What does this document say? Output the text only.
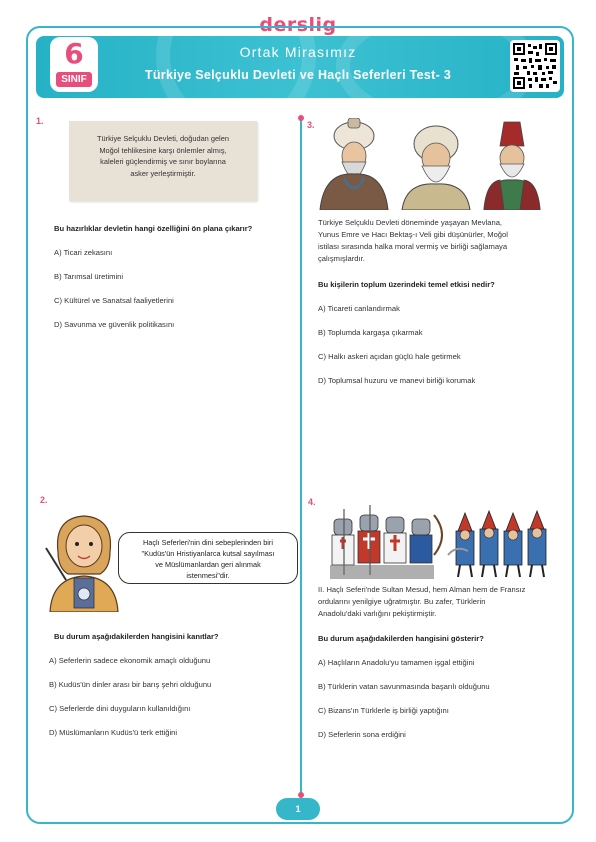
derslig
6
SINIF
Ortak Mirasımız
Türkiye Selçuklu Devleti ve Haçlı Seferleri Test- 3
1.
Türkiye Selçuklu Devleti, doğudan gelen
Moğol tehlikesine karşı önlemler almış,
kaleleri güçlendirmiş ve sınır boylarına
asker yerleştirmiştir.
Bu hazırlıklar devletin hangi özelliğini ön plana çıkarır?
A) Ticari zekasını
B) Tarımsal üretimini
C) Kültürel ve Sanatsal faaliyetlerini
D) Savunma ve güvenlik politikasını
3.
Türkiye Selçuklu Devleti döneminde yaşayan Mevlana,
Yunus Emre ve Hacı Bektaş-ı Veli gibi düşünürler, Moğol
istilası sırasında halka moral vermiş ve birliği sağlamaya
çalışmışlardır.
Bu kişilerin toplum üzerindeki temel etkisi nedir?
A) Ticareti canlandırmak
B) Toplumda kargaşa çıkarmak
C) Halkı askeri açıdan güçlü hale getirmek
D) Toplumsal huzuru ve manevi birliği korumak
2.
Haçlı Seferleri'nin dini sebeplerinden biri
"Kudüs'ün Hristiyanlarca kutsal sayılması
ve Müslümanlardan geri alınmak
istenmesi"dir.
Bu durum aşağıdakilerden hangisini kanıtlar?
A) Seferlerin sadece ekonomik amaçlı olduğunu
B) Kudüs'ün dinler arası bir barış şehri olduğunu
C) Seferlerde dini duyguların kullanıldığını
D) Müslümanların Kudüs'ü terk ettiğini
4.
II. Haçlı Seferi'nde Sultan Mesud, hem Alman hem de Fransız
ordularını yenilgiye uğratmıştır. Bu zafer, Türklerin
Anadolu'daki varlığını pekiştirmiştir.
Bu durum aşağıdakilerden hangisini gösterir?
A) Haçlıların Anadolu'yu tamamen işgal ettiğini
B) Türklerin vatan savunmasında başarılı olduğunu
C) Bizans'ın Türklerle iş birliği yaptığını
D) Seferlerin sona erdiğini
1
